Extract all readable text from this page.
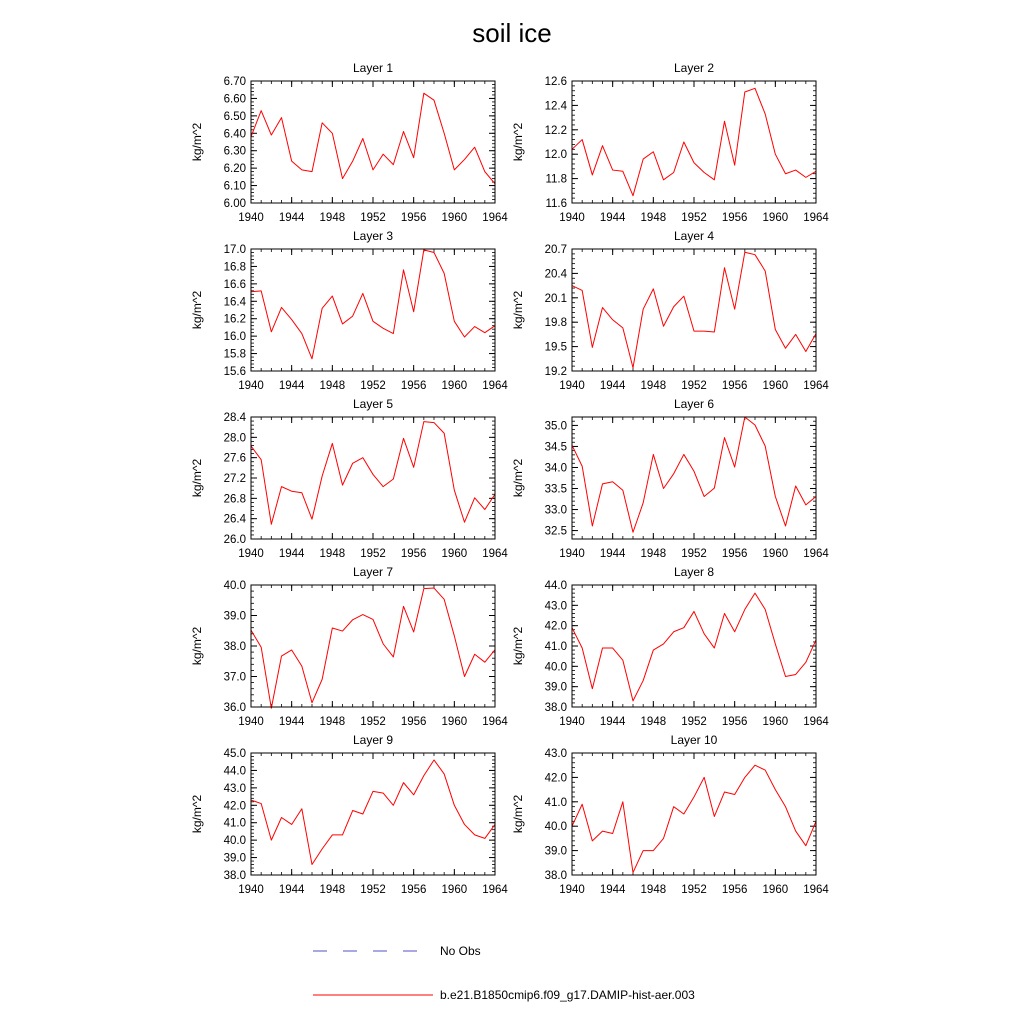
soil ice
Layer 1
kg/m^2
1940 1944 1948 1952 1956 1960 1964
6.00
6.10
6.20
6.30
6.40
6.50
6.60
6.70
Layer 2
kg/m^2
1940 1944 1948 1952 1956 1960 1964
11.6
11.8
12.0
12.2
12.4
12.6
Layer 3
kg/m^2
1940 1944 1948 1952 1956 1960 1964
15.6
15.8
16.0
16.2
16.4
16.6
16.8
17.0
Layer 4
kg/m^2
1940 1944 1948 1952 1956 1960 1964
19.2
19.5
19.8
20.1
20.4
20.7
Layer 5
kg/m^2
1940 1944 1948 1952 1956 1960 1964
26.0
26.4
26.8
27.2
27.6
28.0
28.4
Layer 6
kg/m^2
1940 1944 1948 1952 1956 1960 1964
32.5
33.0
33.5
34.0
34.5
35.0
Layer 7
kg/m^2
1940 1944 1948 1952 1956 1960 1964
36.0
37.0
38.0
39.0
40.0
Layer 8
kg/m^2
1940 1944 1948 1952 1956 1960 1964
38.0
39.0
40.0
41.0
42.0
43.0
44.0
Layer 9
kg/m^2
1940 1944 1948 1952 1956 1960 1964
38.0
39.0
40.0
41.0
42.0
43.0
44.0
45.0
Layer 10
kg/m^2
1940 1944 1948 1952 1956 1960 1964
38.0
39.0
40.0
41.0
42.0
43.0
No Obs
b.e21.B1850cmip6.f09_g17.DAMIP-hist-aer.003
